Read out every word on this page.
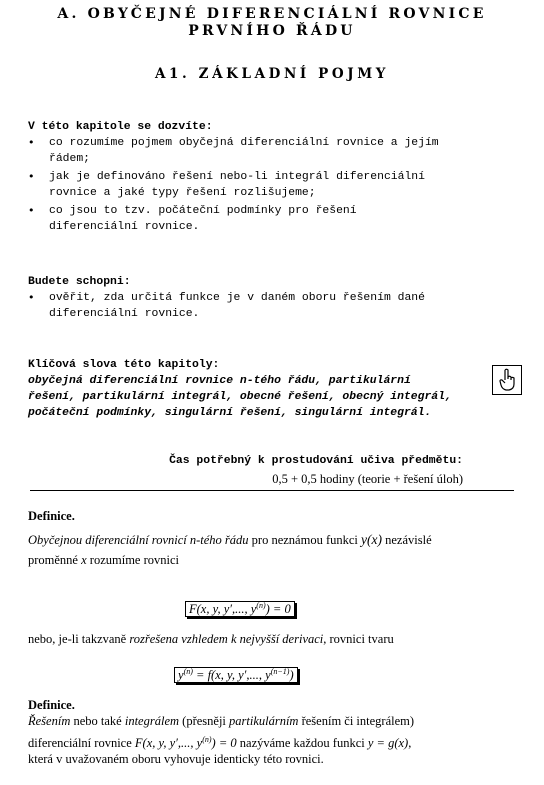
A. OBYČEJNÉ DIFERENCIÁLNÍ ROVNICE
PRVNÍHO ŘÁDU
A1. ZÁKLADNÍ POJMY
V této kapitole se dozvíte:
• co rozumíme pojmem obyčejná diferenciální rovnice a jejím řádem;
• jak je definováno řešení nebo-li integrál diferenciální rovnice a jaké typy řešení rozlišujeme;
• co jsou to tzv. počáteční podmínky pro řešení diferenciální rovnice.
Budete schopni:
• ověřit, zda určitá funkce je v daném oboru řešením dané diferenciální rovnice.
Klíčová slova této kapitoly:
obyčejná diferenciální rovnice n-tého řádu, partikulární řešení, partikulární integrál, obecné řešení, obecný integrál, počáteční podmínky, singulární řešení, singulární integrál.
Čas potřebný k prostudování učiva předmětu:
0,5 + 0,5 hodiny (teorie + řešení úloh)
Definice.
Obyčejnou diferenciální rovnicí n-tého řádu pro neznámou funkci y(x) nezávislé
proměnné x rozumíme rovnici
F(x, y, y′,..., $y^{(n)}) = 0$ .
nebo, je-li takzvaně rozřešena vzhledem k nejvyšší derivaci, rovnici tvaru
$y^{(n)} = f(x$, y, y′,..., $y^{(n-1)}$) .
Definice.
Řešením nebo také integrálem (přesněji partikulárním řešením či integrálem)
diferenciální rovnice F(x, y, y′,..., $y^{(n)}) = 0$ nazýváme každou funkci y = g(x),
která v uvažovaném oboru vyhovuje identicky této rovnici.
